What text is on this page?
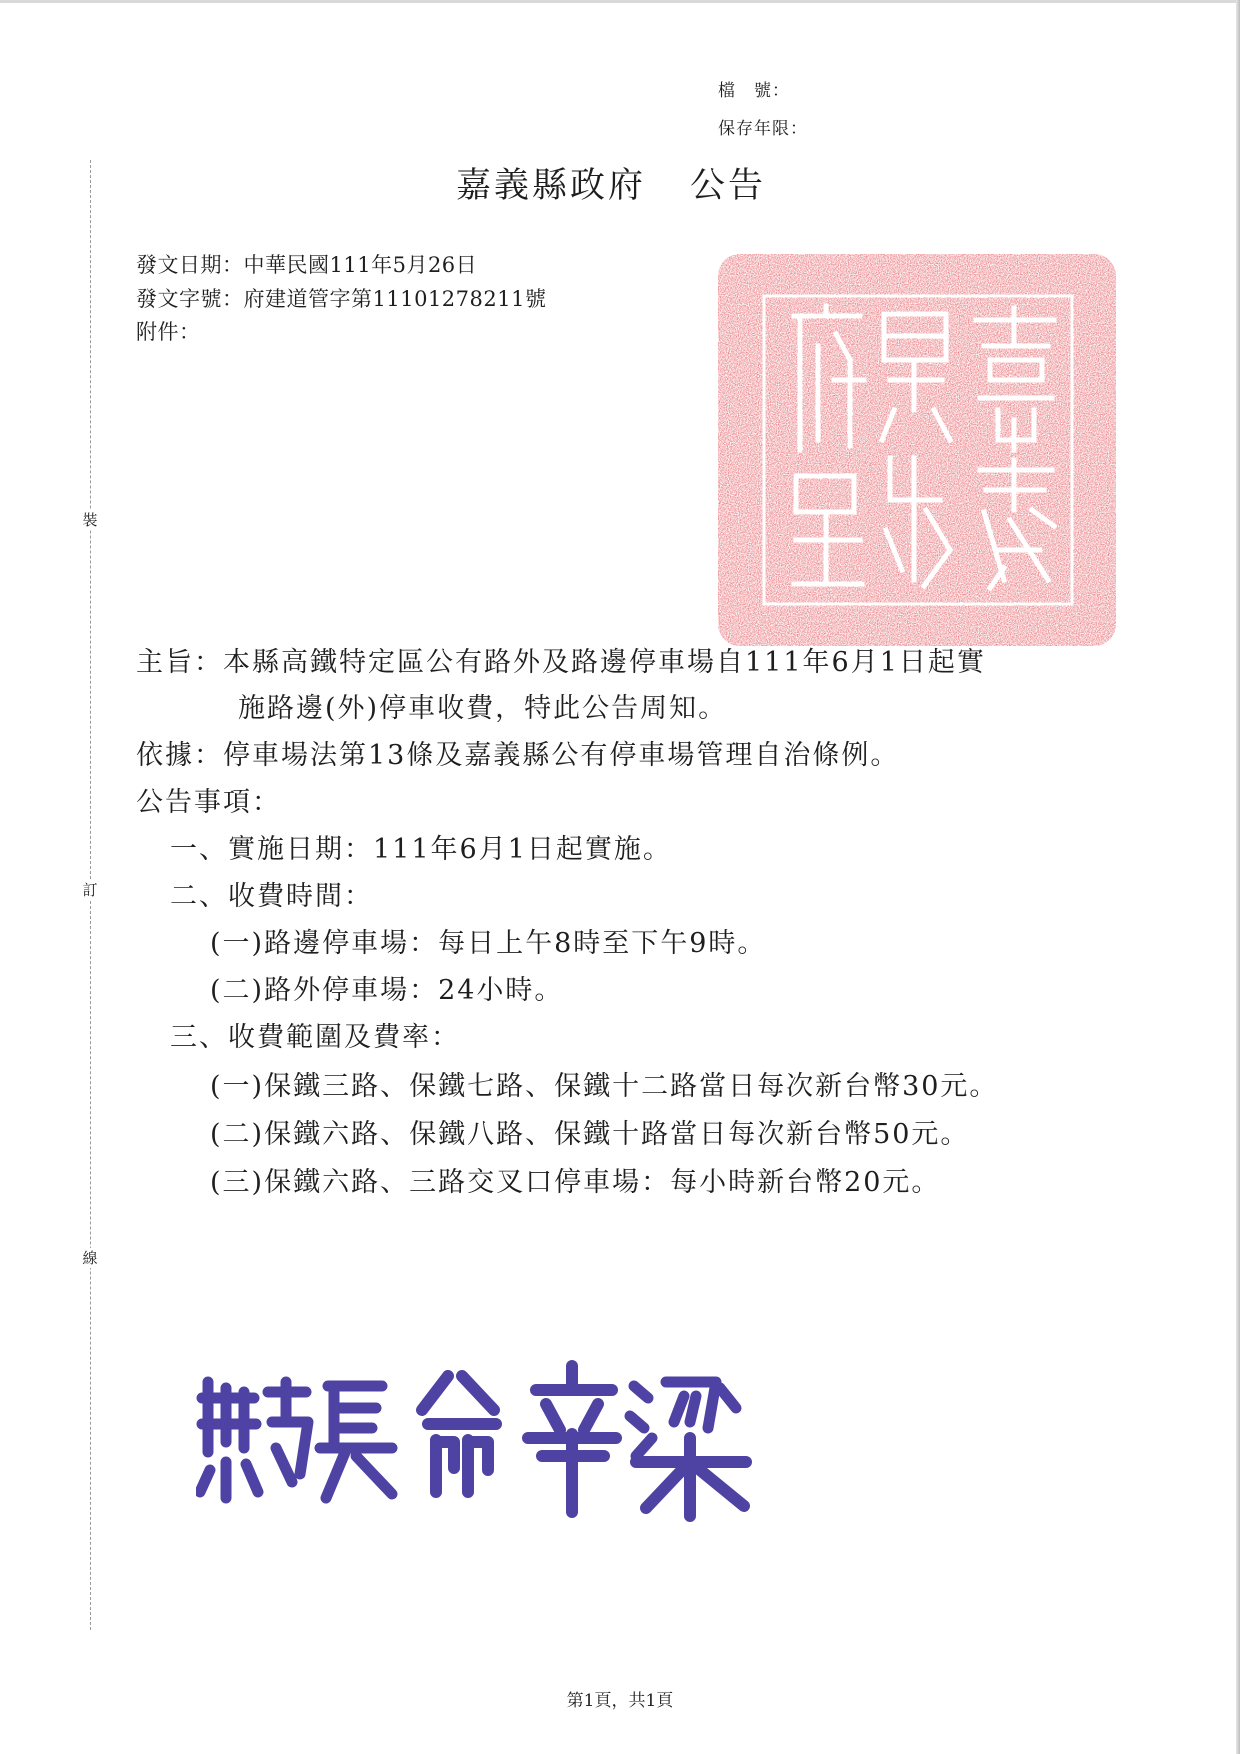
裝
訂
線
檔　號：
保存年限：
嘉義縣政府 公告
發文日期：中華民國111年5月26日
發文字號：府建道管字第11101278211號
附件：
主旨：本縣高鐵特定區公有路外及路邊停車場自111年6月1日起實
施路邊(外)停車收費，特此公告周知。
依據：停車場法第13條及嘉義縣公有停車場管理自治條例。
公告事項：
一、實施日期：111年6月1日起實施。
二、收費時間：
(一)路邊停車場：每日上午8時至下午9時。
(二)路外停車場：24小時。
三、收費範圍及費率：
(一)保鐵三路、保鐵七路、保鐵十二路當日每次新台幣30元。
(二)保鐵六路、保鐵八路、保鐵十路當日每次新台幣50元。
(三)保鐵六路、三路交叉口停車場：每小時新台幣20元。
第1頁，共1頁
